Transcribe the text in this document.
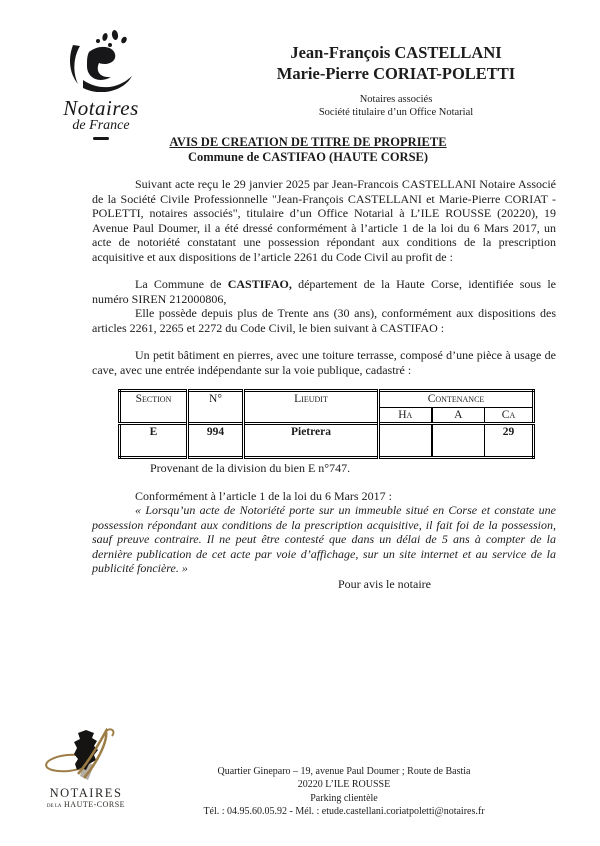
Notaires
de France
Jean-François CASTELLANI
Marie-Pierre CORIAT-POLETTI
Notaires associés
Société titulaire d’un Office Notarial
AVIS DE CREATION DE TITRE DE PROPRIETE
Commune de CASTIFAO (HAUTE CORSE)

Suivant acte reçu le 29 janvier 2025 par Jean-Francois CASTELLANI Notaire Associé de la Société Civile Professionnelle "Jean-François CASTELLANI et Marie-Pierre CORIAT - POLETTI, notaires associés", titulaire d’un Office Notarial à L’ILE ROUSSE (20220), 19 Avenue Paul Doumer, il a été dressé conformément à l’article 1 de la loi du 6 Mars 2017, un acte de notoriété constatant une possession répondant aux conditions de la prescription acquisitive et aux dispositions de l’article 2261 du Code Civil au profit de :

La Commune de CASTIFAO, département de la Haute Corse, identifiée sous le numéro SIREN 212000806,

Elle possède depuis plus de Trente ans (30 ans), conformément aux dispositions des articles 2261, 2265 et 2272 du Code Civil, le bien suivant à CASTIFAO :

Un petit bâtiment en pierres, avec une toiture terrasse, composé d’une pièce à usage de cave, avec une entrée indépendante sur la voie publique, cadastré :

Section	N°	Lieudit	Contenance		
			Ha	A	Ca
E	994	Pietrera			29

Provenant de la division du bien E n°747.

Conformément à l’article 1 de la loi du 6 Mars 2017 :

« Lorsqu’un acte de Notoriété porte sur un immeuble situé en Corse et constate une possession répondant aux conditions de la prescription acquisitive, il fait foi de la possession, sauf preuve contraire. Il ne peut être contesté que dans un délai de 5 ans à compter de la dernière publication de cet acte par voie d’affichage, sur un site internet et au service de la publicité foncière. »

Pour avis le notaire

NOTAIRES
DE LA HAUTE-CORSE
Quartier Gineparo – 19, avenue Paul Doumer ; Route de Bastia
20220 L’ILE ROUSSE
Parking clientèle
Tél. : 04.95.60.05.92 - Mél. : etude.castellani.coriatpoletti@notaires.fr
